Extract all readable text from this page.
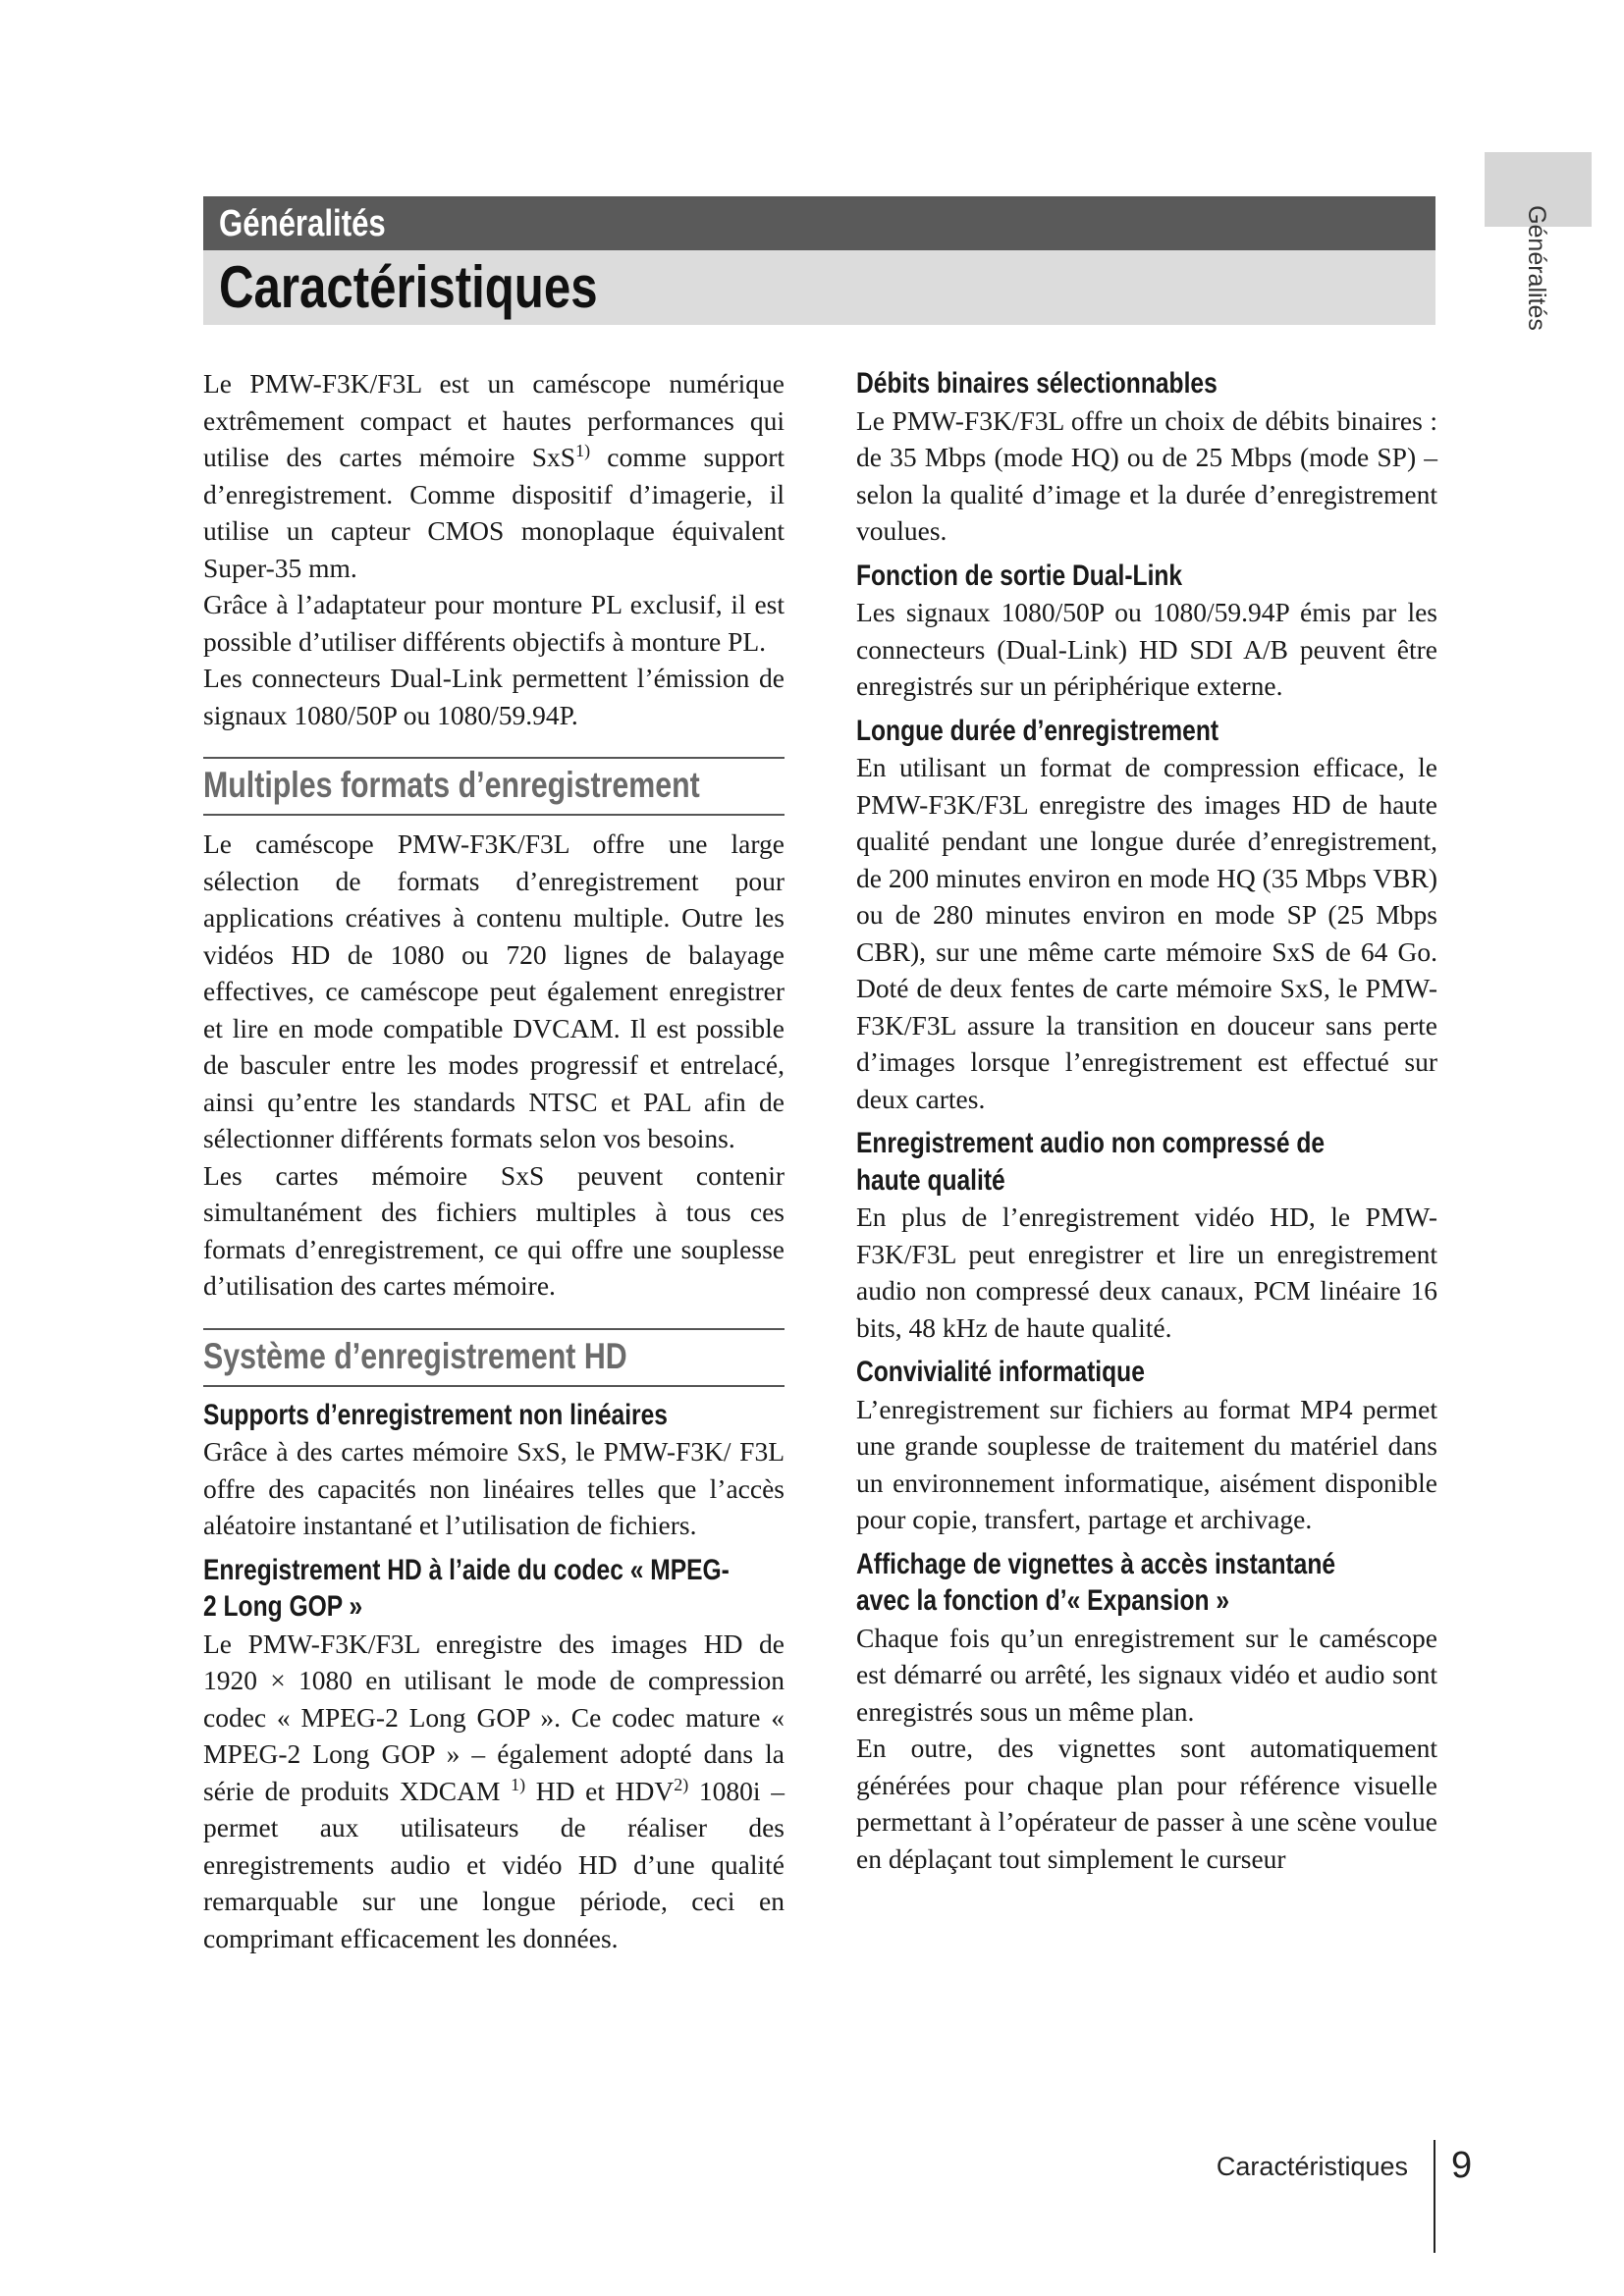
Généralités
Généralités
Caractéristiques

Le PMW-F3K/F3L est un caméscope numérique extrêmement compact et hautes performances qui utilise des cartes mémoire SxS$^{1)}$ comme support d’enregistrement. Comme dispositif d’imagerie, il utilise un capteur CMOS monoplaque équivalent Super-35 mm.

Grâce à l’adaptateur pour monture PL exclusif, il est possible d’utiliser différents objectifs à monture PL.

Les connecteurs Dual-Link permettent l’émission de signaux 1080/50P ou 1080/59.94P.

Multiples formats d’enregistrement

Le caméscope PMW-F3K/F3L offre une large sélection de formats d’enregistrement pour applications créatives à contenu multiple. Outre les vidéos HD de 1080 ou 720 lignes de balayage effectives, ce caméscope peut également enregistrer et lire en mode compatible DVCAM. Il est possible de basculer entre les modes progressif et entrelacé, ainsi qu’entre les standards NTSC et PAL afin de sélectionner différents formats selon vos besoins.

Les cartes mémoire SxS peuvent contenir simultanément des fichiers multiples à tous ces formats d’enregistrement, ce qui offre une souplesse d’utilisation des cartes mémoire.

Système d’enregistrement HD
Supports d’enregistrement non linéaires

Grâce à des cartes mémoire SxS, le PMW-F3K/ F3L offre des capacités non linéaires telles que l’accès aléatoire instantané et l’utilisation de fichiers.

Enregistrement HD à l’aide du codec « MPEG-2 Long GOP »

Le PMW-F3K/F3L enregistre des images HD de 1920 × 1080 en utilisant le mode de compression codec « MPEG-2 Long GOP ». Ce codec mature « MPEG-2 Long GOP » – également adopté dans la série de produits XDCAM $^{1)}$ HD et HDV$^{2)}$ 1080i – permet aux utilisateurs de réaliser des enregistrements audio et vidéo HD d’une qualité remarquable sur une longue période, ceci en comprimant efficacement les données.

Débits binaires sélectionnables

Le PMW-F3K/F3L offre un choix de débits binaires : de 35 Mbps (mode HQ) ou de 25 Mbps (mode SP) – selon la qualité d’image et la durée d’enregistrement voulues.

Fonction de sortie Dual-Link

Les signaux 1080/50P ou 1080/59.94P émis par les connecteurs (Dual-Link) HD SDI A/B peuvent être enregistrés sur un périphérique externe.

Longue durée d’enregistrement

En utilisant un format de compression efficace, le PMW-F3K/F3L enregistre des images HD de haute qualité pendant une longue durée d’enregistrement, de 200 minutes environ en mode HQ (35 Mbps VBR) ou de 280 minutes environ en mode SP (25 Mbps CBR), sur une même carte mémoire SxS de 64 Go. Doté de deux fentes de carte mémoire SxS, le PMW-F3K/F3L assure la transition en douceur sans perte d’images lorsque l’enregistrement est effectué sur deux cartes.

Enregistrement audio non compressé de haute qualité

En plus de l’enregistrement vidéo HD, le PMW-F3K/F3L peut enregistrer et lire un enregistrement audio non compressé deux canaux, PCM linéaire 16 bits, 48 kHz de haute qualité.

Convivialité informatique

L’enregistrement sur fichiers au format MP4 permet une grande souplesse de traitement du matériel dans un environnement informatique, aisément disponible pour copie, transfert, partage et archivage.

Affichage de vignettes à accès instantané avec la fonction d’« Expansion »

Chaque fois qu’un enregistrement sur le caméscope est démarré ou arrêté, les signaux vidéo et audio sont enregistrés sous un même plan.

En outre, des vignettes sont automatiquement générées pour chaque plan pour référence visuelle permettant à l’opérateur de passer à une scène voulue en déplaçant tout simplement le curseur

Caractéristiques 9
